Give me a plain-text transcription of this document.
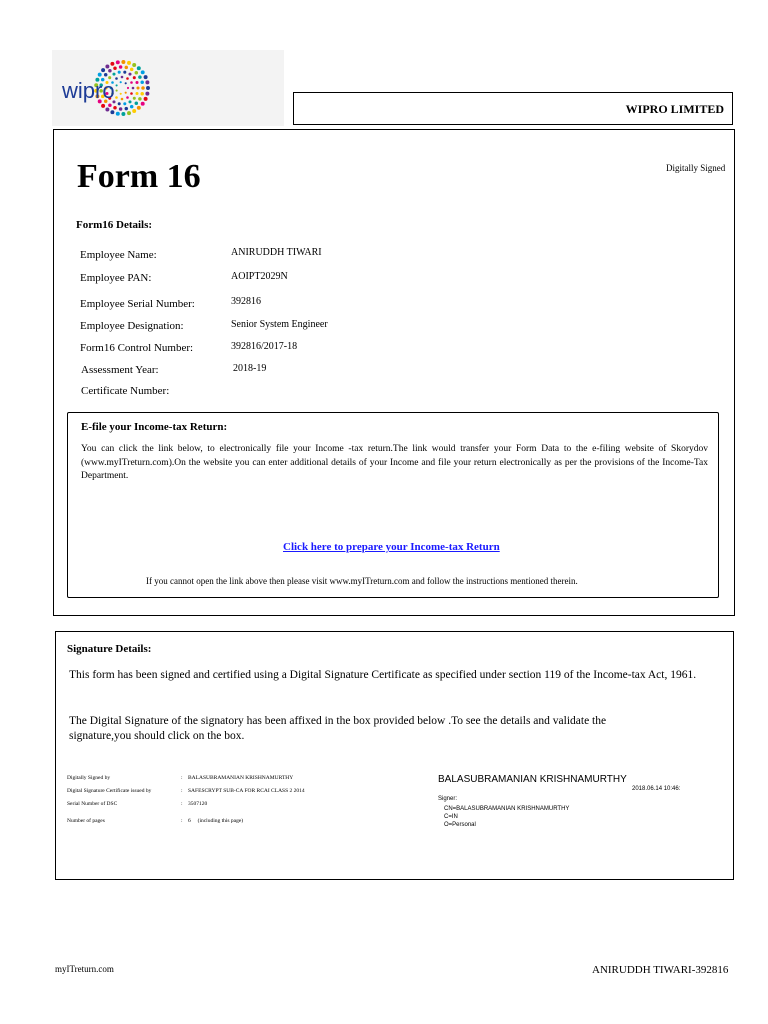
wipro
WIPRO LIMITED
Form 16	Digitally Signed
Form16 Details:
Employee Name:	ANIRUDDH TIWARI
Employee PAN:	AOIPT2029N
Employee Serial Number:	392816
Employee Designation:	Senior System Engineer
Form16 Control Number:	392816/2017-18
Assessment Year:	2018-19
Certificate Number:
E-file your Income-tax Return:
You can click the link below, to electronically file your Income -tax return.The link would transfer your Form Data to the e-filing website of Skorydov (www.myITreturn.com).On the website you can enter additional details of your Income and file your return electronically as per the provisions of the Income-Tax Department.
Click here to prepare your Income-tax Return
If you cannot open the link above then please visit www.myITreturn.com and follow the instructions mentioned therein.
Signature Details:
This form has been signed and certified using a Digital Signature Certificate as specified under section 119 of the Income-tax Act, 1961.
The Digital Signature of the signatory has been affixed in the box provided below .To see the details and validate the signature,you should click on the box.
Digitally Signed by	: BALASUBRAMANIAN KRISHNAMURTHY
Digital Signature Certificate issued by	: SAFESCRYPT SUB-CA FOR RCAI CLASS 2 2014
Serial Number of DSC	: 3507120
Number of pages	: 6     (including this page)
BALASUBRAMANIAN KRISHNAMURTHY
2018.06.14 10:46:
Signer:
CN=BALASUBRAMANIAN KRISHNAMURTHY
C=IN
O=Personal
myITreturn.com	ANIRUDDH TIWARI-392816
